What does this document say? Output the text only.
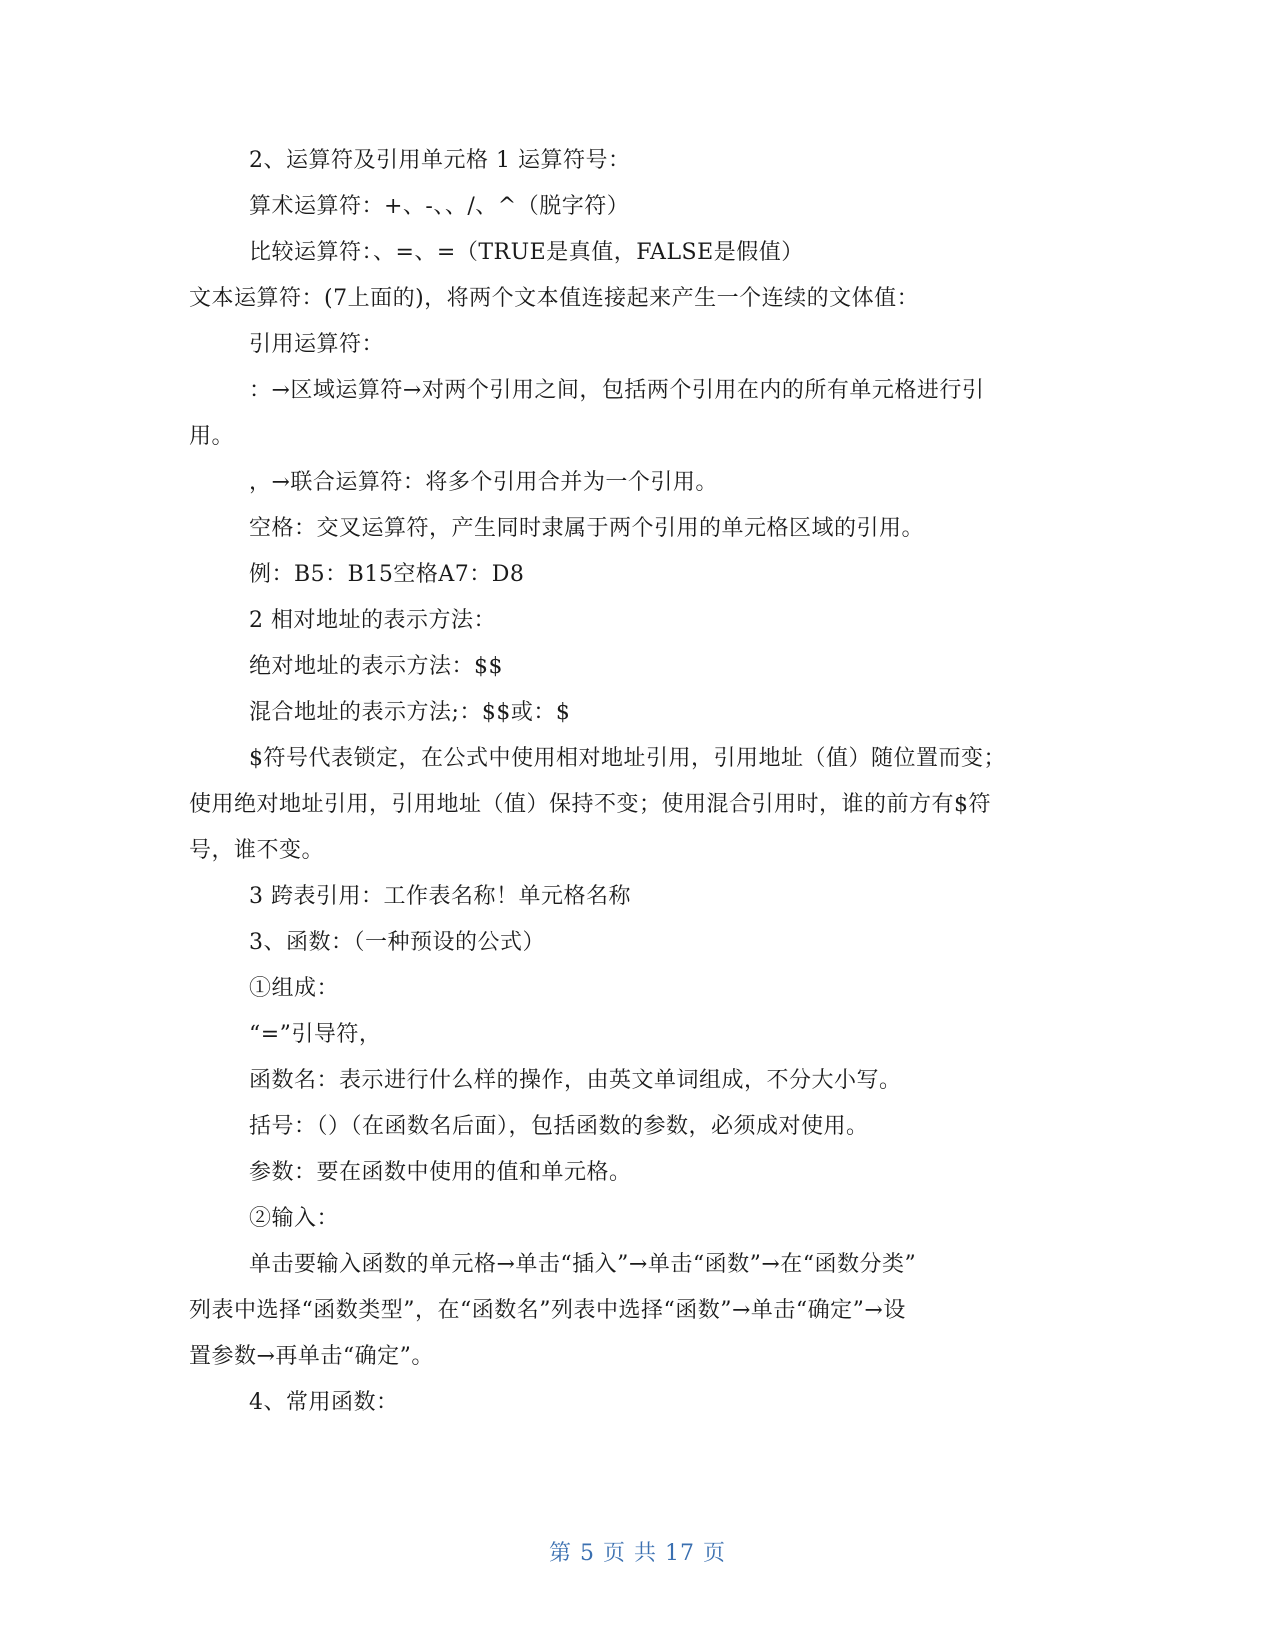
2、运算符及引用单元格 1 运算符号：

算术运算符：+、-、、/、^（脱字符）

比较运算符：、=、=（TRUE是真值，FALSE是假值）

文本运算符：(7上面的)，将两个文本值连接起来产生一个连续的文体值：

引用运算符：

：→区域运算符→对两个引用之间，包括两个引用在内的所有单元格进行引

用。

，→联合运算符：将多个引用合并为一个引用。

空格：交叉运算符，产生同时隶属于两个引用的单元格区域的引用。

例：B5：B15空格A7：D8

2 相对地址的表示方法：

绝对地址的表示方法：$$

混合地址的表示方法;：$$或：$

$符号代表锁定，在公式中使用相对地址引用，引用地址（值）随位置而变；

使用绝对地址引用，引用地址（值）保持不变；使用混合引用时，谁的前方有$符

号，谁不变。

3 跨表引用：工作表名称！单元格名称

3、函数：（一种预设的公式）

①组成：

“=”引导符，

函数名：表示进行什么样的操作，由英文单词组成，不分大小写。

括号：（）（在函数名后面），包括函数的参数，必须成对使用。

参数：要在函数中使用的值和单元格。

②输入：

单击要输入函数的单元格→单击“插入”→单击“函数”→在“函数分类”

列表中选择“函数类型”，在“函数名”列表中选择“函数”→单击“确定”→设

置参数→再单击“确定”。

4、常用函数：

第 5 页 共 17 页
